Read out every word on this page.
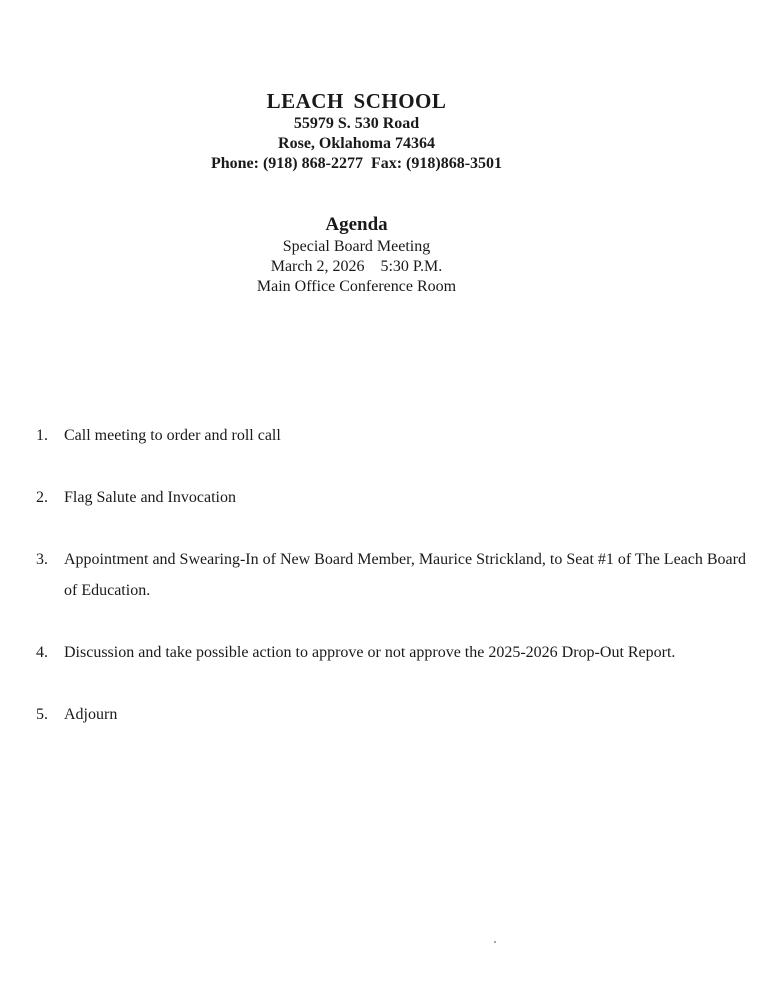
LEACH SCHOOL
55979 S. 530 Road
Rose, Oklahoma 74364
Phone: (918) 868-2277  Fax: (918)868-3501
Agenda
Special Board Meeting
March 2, 2026    5:30 P.M.
Main Office Conference Room
1. Call meeting to order and roll call
2. Flag Salute and Invocation
3. Appointment and Swearing-In of New Board Member, Maurice Strickland, to Seat #1 of The Leach Board of Education.
4. Discussion and take possible action to approve or not approve the 2025-2026 Drop-Out Report.
5. Adjourn
